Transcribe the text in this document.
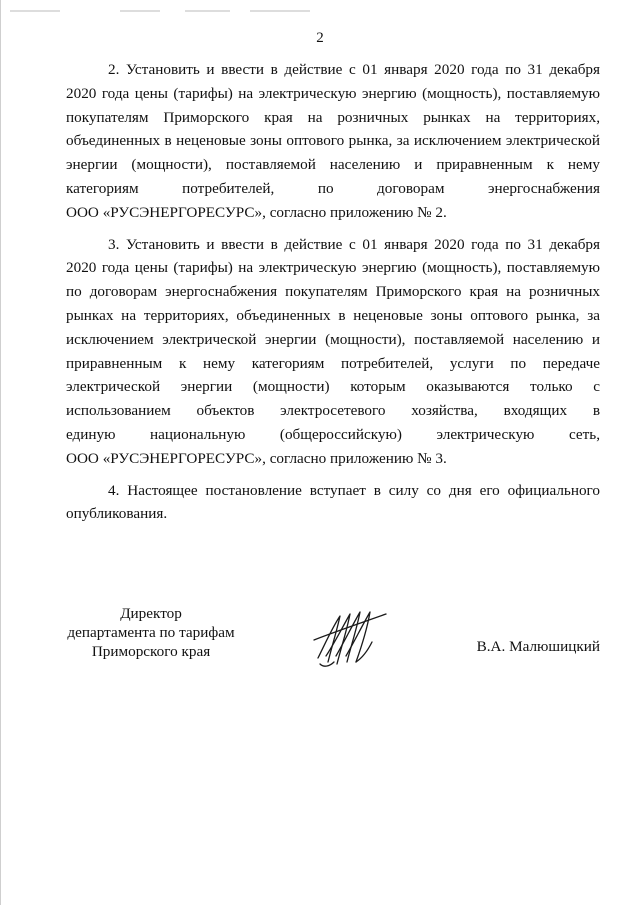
2
2. Установить и ввести в действие с 01 января 2020 года по 31 декабря
2020 года цены (тарифы) на электрическую энергию (мощность), поставляемую
покупателям Приморского края на розничных рынках на территориях,
объединенных в неценовые зоны оптового рынка, за исключением электрической
энергии (мощности), поставляемой населению и приравненным к нему
категориям потребителей, по договорам энергоснабжения
ООО «РУСЭНЕРГОРЕСУРС», согласно приложению № 2.
3. Установить и ввести в действие с 01 января 2020 года по 31 декабря
2020 года цены (тарифы) на электрическую энергию (мощность), поставляемую
по договорам энергоснабжения покупателям Приморского края на розничных
рынках на территориях, объединенных в неценовые зоны оптового рынка, за
исключением электрической энергии (мощности), поставляемой населению и
приравненным к нему категориям потребителей, услуги по передаче
электрической энергии (мощности) которым оказываются только с
использованием объектов электросетевого хозяйства, входящих в
единую национальную (общероссийскую) электрическую сеть,
ООО «РУСЭНЕРГОРЕСУРС», согласно приложению № 3.
4. Настоящее постановление вступает в силу со дня его официального
опубликования.
Директор
департамента по тарифам
Приморского края	В.А. Малюшицкий
